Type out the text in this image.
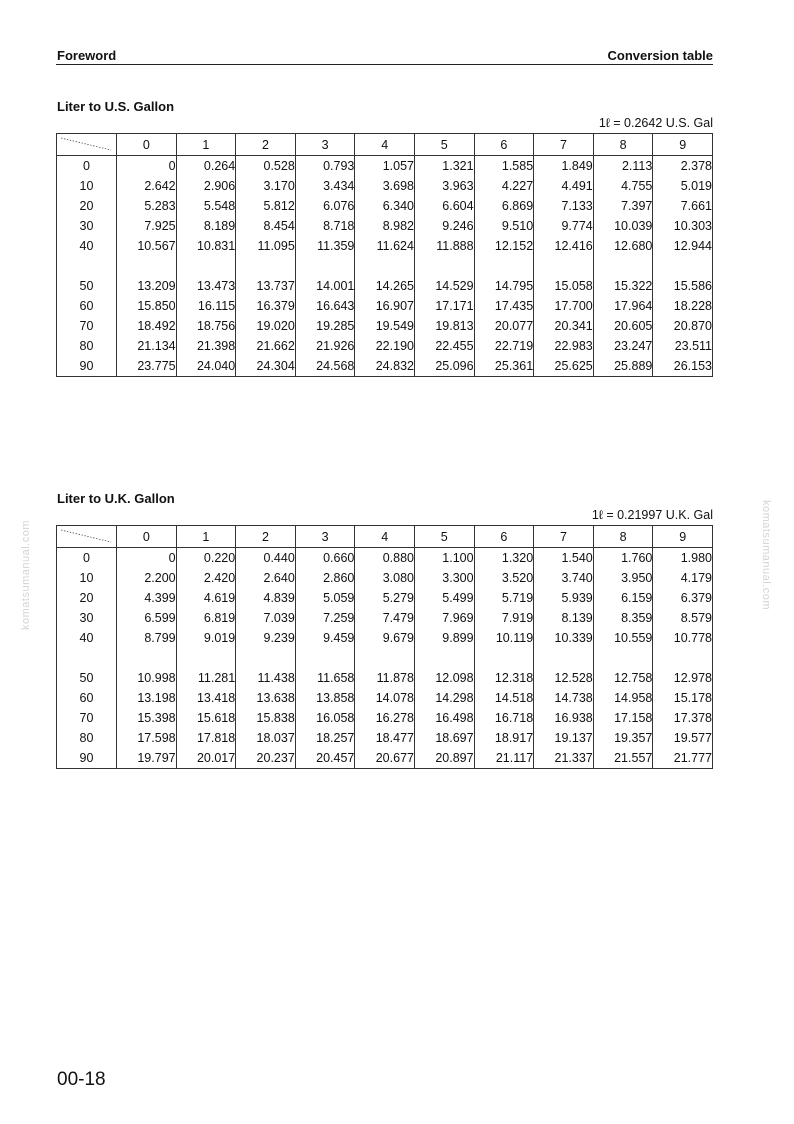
Foreword	Conversion table
Liter to U.S. Gallon
1ℓ = 0.2642 U.S. Gal
	0	1	2	3	4	5	6	7	8	9
0	0	0.264	0.528	0.793	1.057	1.321	1.585	1.849	2.113	2.378
10	2.642	2.906	3.170	3.434	3.698	3.963	4.227	4.491	4.755	5.019
20	5.283	5.548	5.812	6.076	6.340	6.604	6.869	7.133	7.397	7.661
30	7.925	8.189	8.454	8.718	8.982	9.246	9.510	9.774	10.039	10.303
40	10.567	10.831	11.095	11.359	11.624	11.888	12.152	12.416	12.680	12.944

50	13.209	13.473	13.737	14.001	14.265	14.529	14.795	15.058	15.322	15.586
60	15.850	16.115	16.379	16.643	16.907	17.171	17.435	17.700	17.964	18.228
70	18.492	18.756	19.020	19.285	19.549	19.813	20.077	20.341	20.605	20.870
80	21.134	21.398	21.662	21.926	22.190	22.455	22.719	22.983	23.247	23.511
90	23.775	24.040	24.304	24.568	24.832	25.096	25.361	25.625	25.889	26.153
Liter to U.K. Gallon
1ℓ = 0.21997 U.K. Gal
	0	1	2	3	4	5	6	7	8	9
0	0	0.220	0.440	0.660	0.880	1.100	1.320	1.540	1.760	1.980
10	2.200	2.420	2.640	2.860	3.080	3.300	3.520	3.740	3.950	4.179
20	4.399	4.619	4.839	5.059	5.279	5.499	5.719	5.939	6.159	6.379
30	6.599	6.819	7.039	7.259	7.479	7.969	7.919	8.139	8.359	8.579
40	8.799	9.019	9.239	9.459	9.679	9.899	10.119	10.339	10.559	10.778

50	10.998	11.281	11.438	11.658	11.878	12.098	12.318	12.528	12.758	12.978
60	13.198	13.418	13.638	13.858	14.078	14.298	14.518	14.738	14.958	15.178
70	15.398	15.618	15.838	16.058	16.278	16.498	16.718	16.938	17.158	17.378
80	17.598	17.818	18.037	18.257	18.477	18.697	18.917	19.137	19.357	19.577
90	19.797	20.017	20.237	20.457	20.677	20.897	21.117	21.337	21.557	21.777
komatsumanual.com	komatsumanual.com
00-18
